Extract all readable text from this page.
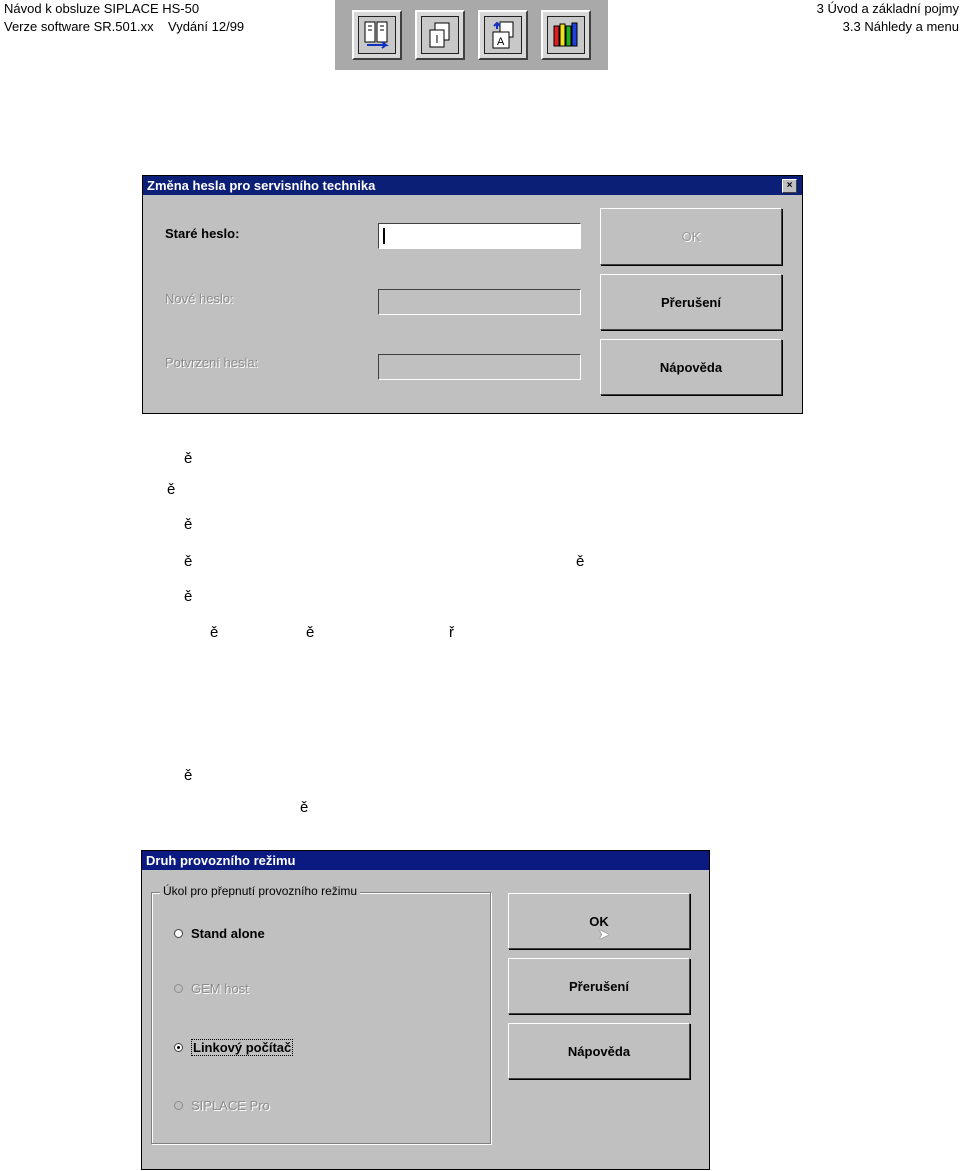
Návod k obsluze SIPLACE HS-50
Verze software SR.501.xx    Vydání 12/99
3 Úvod a základní pojmy
3.3 Náhledy a menu
A
Změna hesla pro servisního technika	×
Staré heslo:
Nové heslo:
Potvrzení hesla:
OK
Přerušení
Nápověda
ě
ě
ě
ě	ě
ě
ě	ě	ř
ě
ě
Druh provozního režimu
Úkol pro přepnutí provozního režimu
Stand alone
GEM host
Linkový počítač
SIPLACE Pro
OK
➤
Přerušení
Nápověda
